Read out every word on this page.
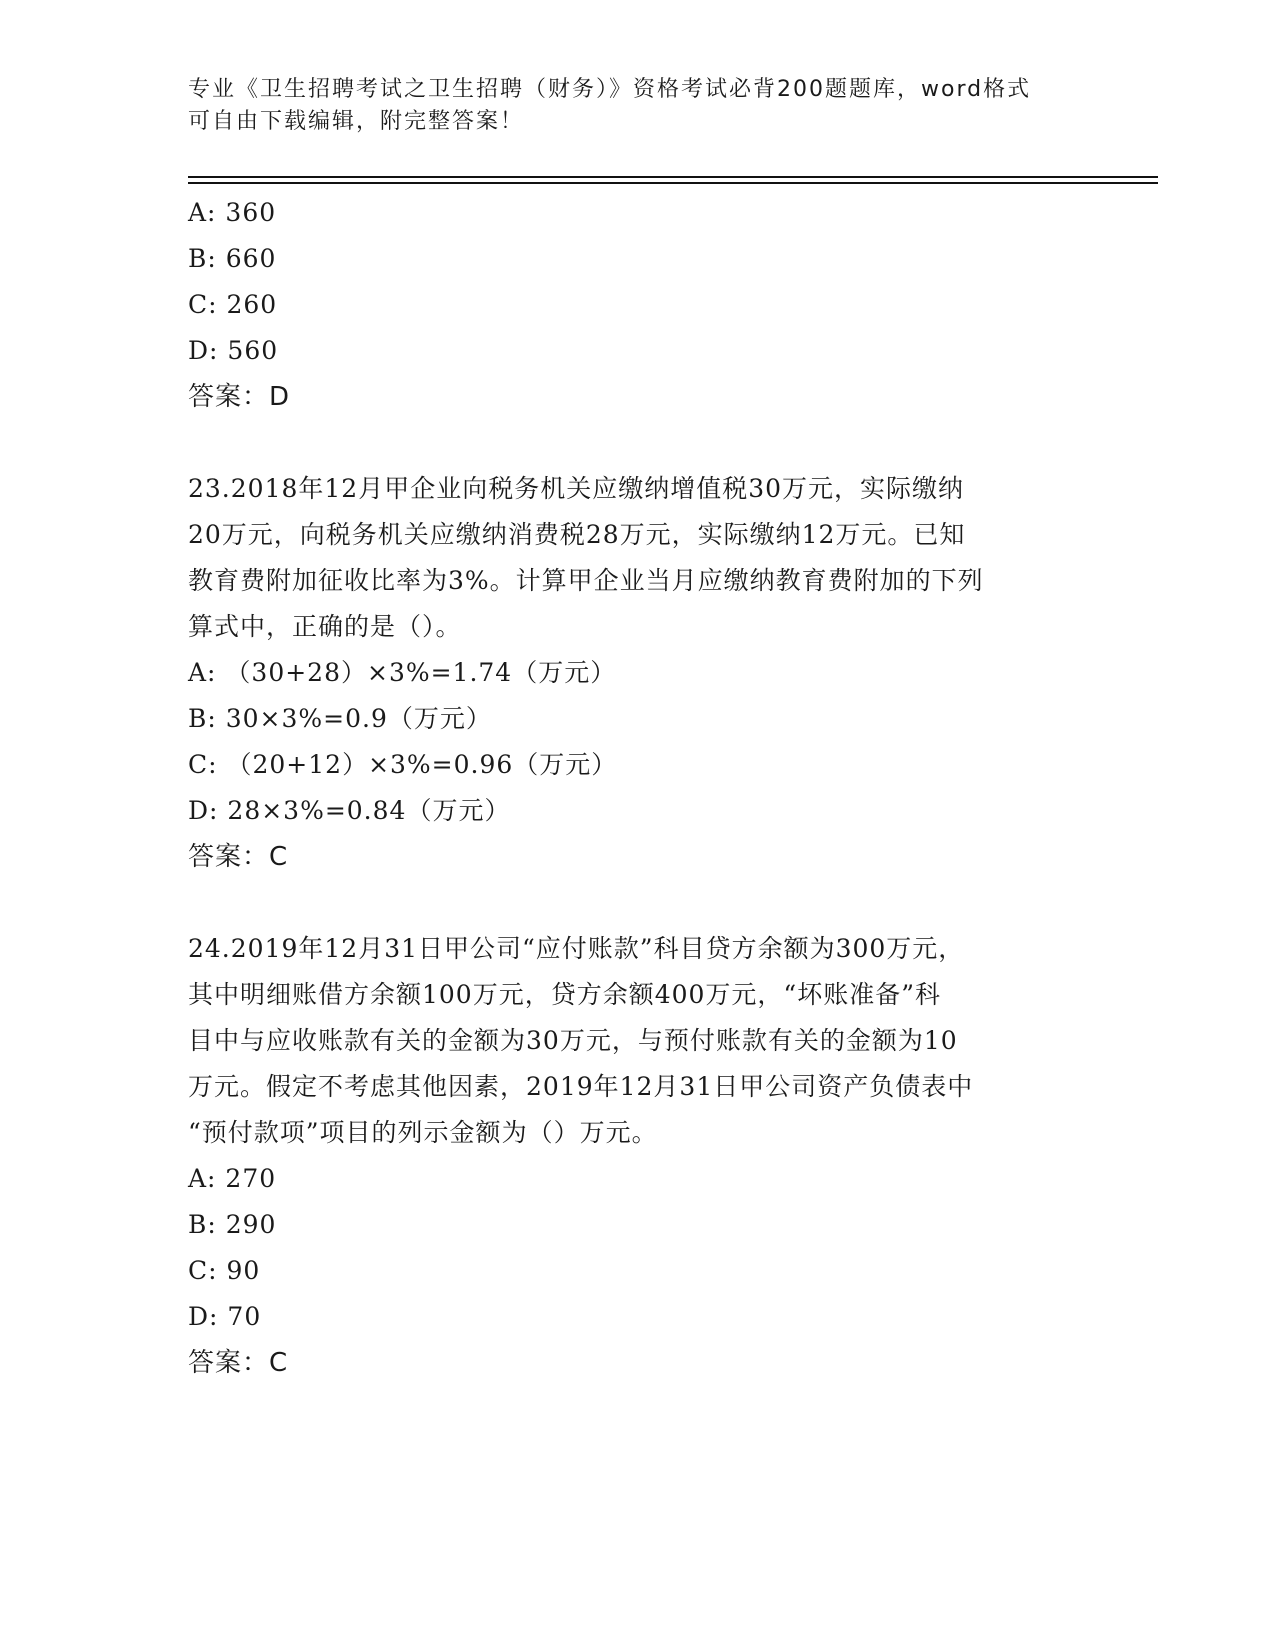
专业《卫生招聘考试之卫生招聘（财务）》资格考试必背200题题库，word格式
可自由下载编辑，附完整答案！
A: 360
B: 660
C: 260
D: 560
答案：D
23.2018年12月甲企业向税务机关应缴纳增值税30万元，实际缴纳
20万元，向税务机关应缴纳消费税28万元，实际缴纳12万元。已知
教育费附加征收比率为3%。计算甲企业当月应缴纳教育费附加的下列
算式中，正确的是（）。
A: （30+28）×3%=1.74（万元）
B: 30×3%=0.9（万元）
C: （20+12）×3%=0.96（万元）
D: 28×3%=0.84（万元）
答案：C
24.2019年12月31日甲公司“应付账款”科目贷方余额为300万元，
其中明细账借方余额100万元，贷方余额400万元，“坏账准备”科
目中与应收账款有关的金额为30万元，与预付账款有关的金额为10
万元。假定不考虑其他因素，2019年12月31日甲公司资产负债表中
“预付款项”项目的列示金额为（）万元。
A: 270
B: 290
C: 90
D: 70
答案：C
